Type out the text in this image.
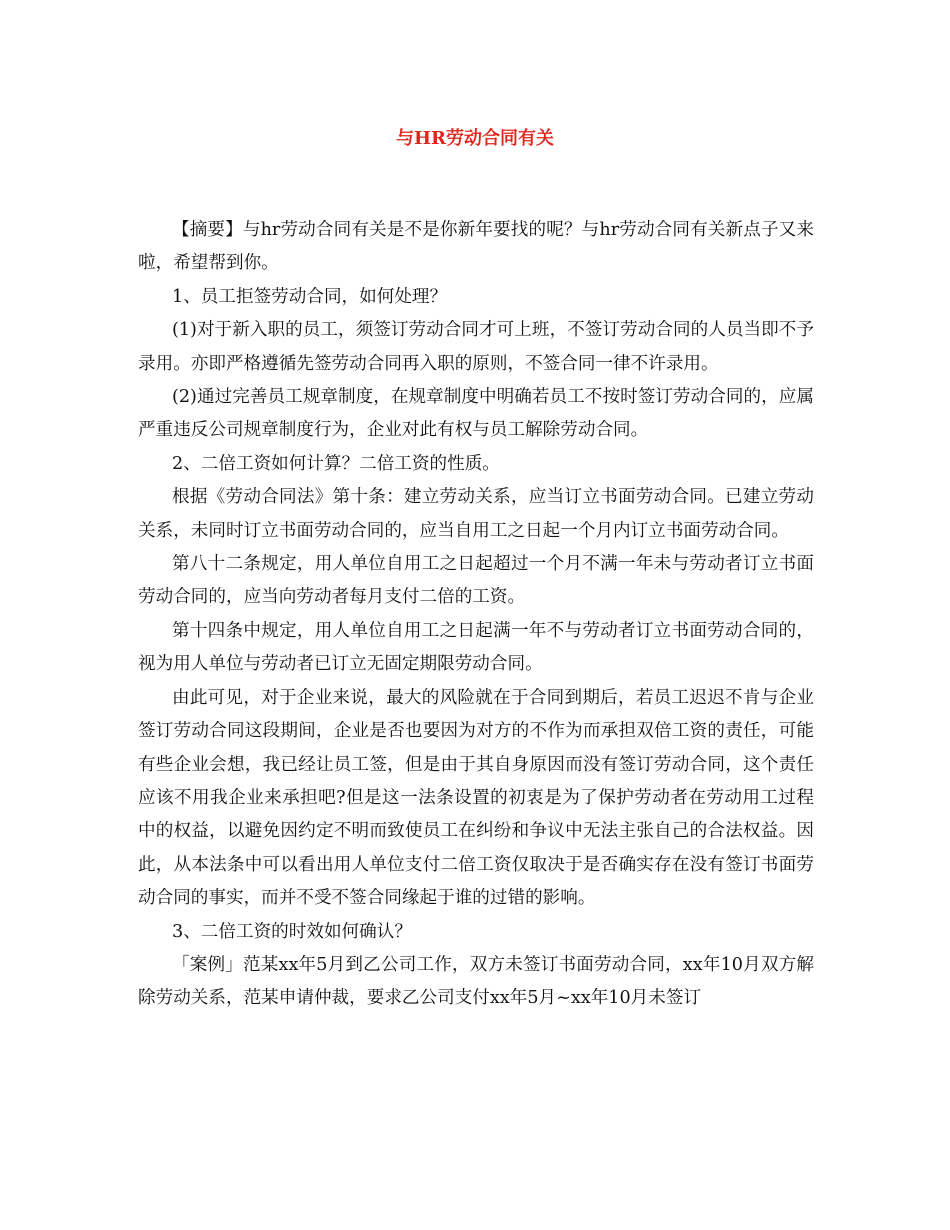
与HR劳动合同有关

【摘要】与hr劳动合同有关是不是你新年要找的呢？与hr劳动合同有关新点子又来啦，希望帮到你。

1、员工拒签劳动合同，如何处理？

(1)对于新入职的员工，须签订劳动合同才可上班，不签订劳动合同的人员当即不予录用。亦即严格遵循先签劳动合同再入职的原则，不签合同一律不许录用。

(2)通过完善员工规章制度，在规章制度中明确若员工不按时签订劳动合同的，应属严重违反公司规章制度行为，企业对此有权与员工解除劳动合同。

2、二倍工资如何计算？二倍工资的性质。

根据《劳动合同法》第十条：建立劳动关系，应当订立书面劳动合同。已建立劳动关系，未同时订立书面劳动合同的，应当自用工之日起一个月内订立书面劳动合同。

第八十二条规定，用人单位自用工之日起超过一个月不满一年未与劳动者订立书面劳动合同的，应当向劳动者每月支付二倍的工资。

第十四条中规定，用人单位自用工之日起满一年不与劳动者订立书面劳动合同的，视为用人单位与劳动者已订立无固定期限劳动合同。

由此可见，对于企业来说，最大的风险就在于合同到期后，若员工迟迟不肯与企业签订劳动合同这段期间，企业是否也要因为对方的不作为而承担双倍工资的责任，可能有些企业会想，我已经让员工签，但是由于其自身原因而没有签订劳动合同，这个责任应该不用我企业来承担吧?但是这一法条设置的初衷是为了保护劳动者在劳动用工过程中的权益，以避免因约定不明而致使员工在纠纷和争议中无法主张自己的合法权益。因此，从本法条中可以看出用人单位支付二倍工资仅取决于是否确实存在没有签订书面劳动合同的事实，而并不受不签合同缘起于谁的过错的影响。

3、二倍工资的时效如何确认？

「案例」范某xx年5月到乙公司工作，双方未签订书面劳动合同，xx年10月双方解除劳动关系，范某申请仲裁，要求乙公司支付xx年5月~xx年10月未签订
